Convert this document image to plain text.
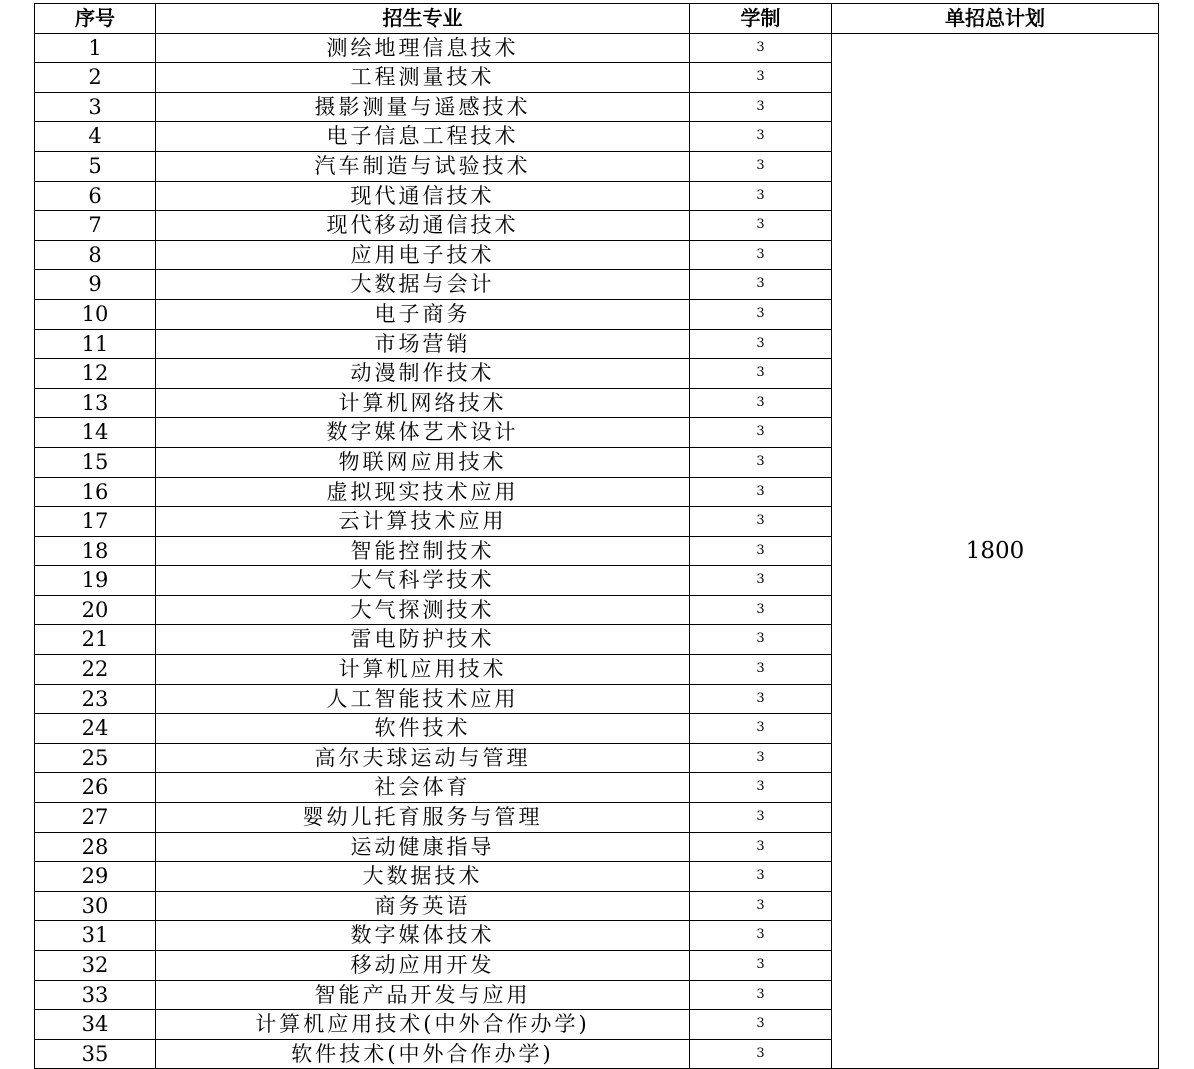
序号	招生专业	学制	单招总计划
1	测绘地理信息技术	3	1800
2	工程测量技术	3	
3	摄影测量与遥感技术	3	
4	电子信息工程技术	3	
5	汽车制造与试验技术	3	
6	现代通信技术	3	
7	现代移动通信技术	3	
8	应用电子技术	3	
9	大数据与会计	3	
10	电子商务	3	
11	市场营销	3	
12	动漫制作技术	3	
13	计算机网络技术	3	
14	数字媒体艺术设计	3	
15	物联网应用技术	3	
16	虚拟现实技术应用	3	
17	云计算技术应用	3	
18	智能控制技术	3	
19	大气科学技术	3	
20	大气探测技术	3	
21	雷电防护技术	3	
22	计算机应用技术	3	
23	人工智能技术应用	3	
24	软件技术	3	
25	高尔夫球运动与管理	3	
26	社会体育	3	
27	婴幼儿托育服务与管理	3	
28	运动健康指导	3	
29	大数据技术	3	
30	商务英语	3	
31	数字媒体技术	3	
32	移动应用开发	3	
33	智能产品开发与应用	3	
34	计算机应用技术(中外合作办学)	3	
35	软件技术(中外合作办学)	3	
